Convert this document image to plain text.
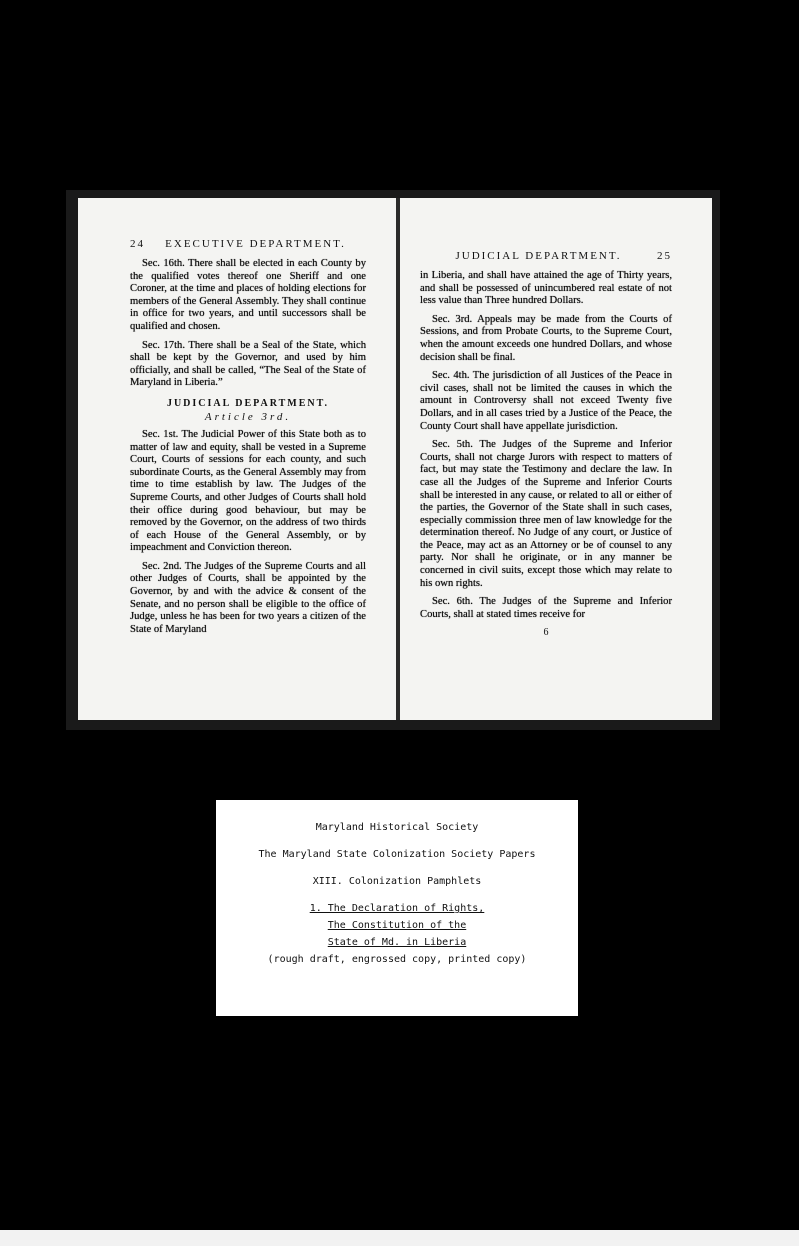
24 EXECUTIVE DEPARTMENT.

Sec. 16th. There shall be elected in each County by the qualified votes thereof one Sheriff and one Coroner, at the time and places of holding elections for members of the General Assembly. They shall continue in office for two years, and until successors shall be qualified and chosen.

Sec. 17th. There shall be a Seal of the State, which shall be kept by the Governor, and used by him officially, and shall be called, “The Seal of the State of Maryland in Liberia.”

JUDICIAL DEPARTMENT.
Article 3rd.

Sec. 1st. The Judicial Power of this State both as to matter of law and equity, shall be vested in a Supreme Court, Courts of sessions for each county, and such subordinate Courts, as the General Assembly may from time to time establish by law. The Judges of the Supreme Courts, and other Judges of Courts shall hold their office during good behaviour, but may be removed by the Governor, on the address of two thirds of each House of the General Assembly, or by impeachment and Conviction thereon.

Sec. 2nd. The Judges of the Supreme Courts and all other Judges of Courts, shall be appointed by the Governor, by and with the advice & consent of the Senate, and no person shall be eligible to the office of Judge, unless he has been for two years a citizen of the State of Maryland

JUDICIAL DEPARTMENT.	25

in Liberia, and shall have attained the age of Thirty years, and shall be possessed of unincumbered real estate of not less value than Three hundred Dollars.

Sec. 3rd. Appeals may be made from the Courts of Sessions, and from Probate Courts, to the Supreme Court, when the amount exceeds one hundred Dollars, and whose decision shall be final.

Sec. 4th. The jurisdiction of all Justices of the Peace in civil cases, shall not be limited the causes in which the amount in Controversy shall not exceed Twenty five Dollars, and in all cases tried by a Justice of the Peace, the County Court shall have appellate jurisdiction.

Sec. 5th. The Judges of the Supreme and Inferior Courts, shall not charge Jurors with respect to matters of fact, but may state the Testimony and declare the law. In case all the Judges of the Supreme and Inferior Courts shall be interested in any cause, or related to all or either of the parties, the Governor of the State shall in such cases, especially commission three men of law knowledge for the determination thereof. No Judge of any court, or Justice of the Peace, may act as an Attorney or be of counsel to any party. Nor shall he originate, or in any manner be concerned in civil suits, except those which may relate to his own rights.

Sec. 6th. The Judges of the Supreme and Inferior Courts, shall at stated times receive for

6
Maryland Historical Society
The Maryland State Colonization Society Papers
XIII. Colonization Pamphlets
1. The Declaration of Rights,
The Constitution of the
State of Md. in Liberia
(rough draft, engrossed copy, printed copy)
